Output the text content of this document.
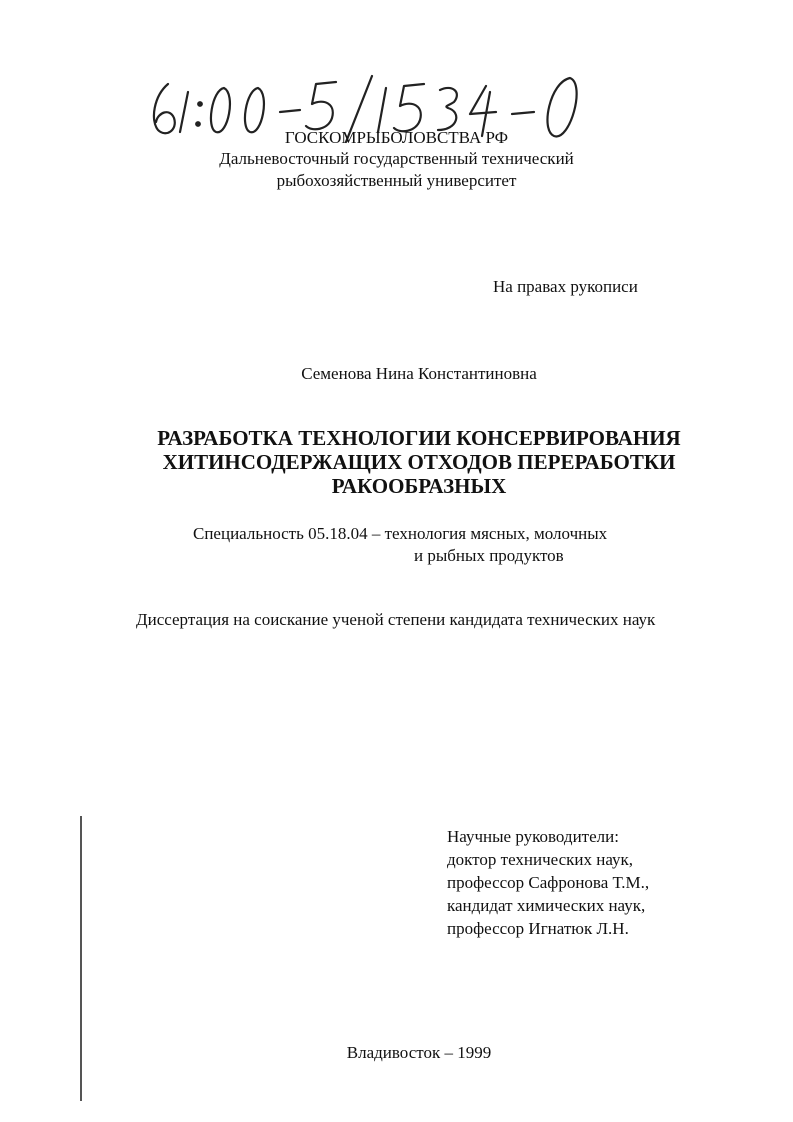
ГОСКОМРЫБОЛОВСТВА РФ
Дальневосточный государственный технический
рыбохозяйственный университет
На правах рукописи
Семенова Нина Константиновна
РАЗРАБОТКА ТЕХНОЛОГИИ КОНСЕРВИРОВАНИЯ
ХИТИНСОДЕРЖАЩИХ ОТХОДОВ ПЕРЕРАБОТКИ
РАКООБРАЗНЫХ
Специальность 05.18.04 – технология мясных, молочных
и рыбных продуктов
Диссертация на соискание ученой степени кандидата технических наук
Научные руководители:
доктор технических наук,
профессор Сафронова Т.М.,
кандидат химических наук,
профессор Игнатюк Л.Н.
Владивосток – 1999
